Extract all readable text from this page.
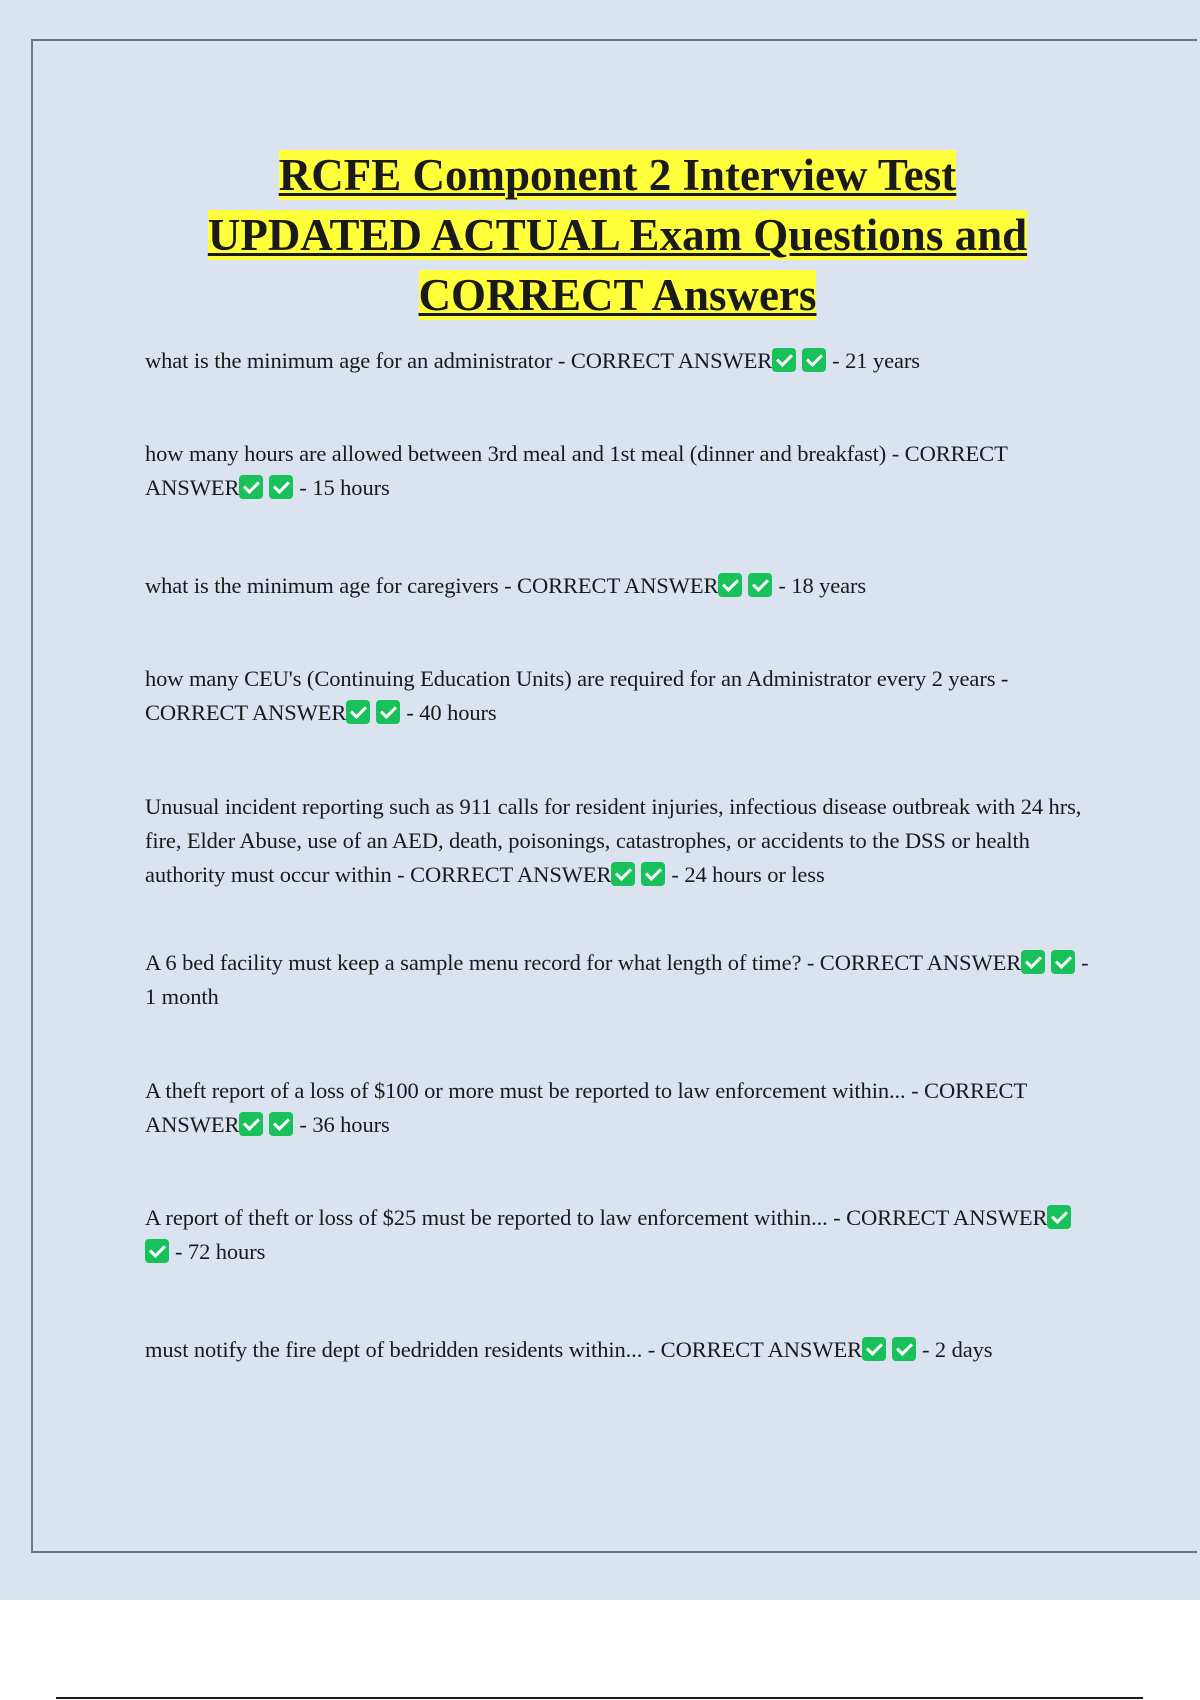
RCFE Component 2 Interview Test
UPDATED ACTUAL Exam Questions and
CORRECT Answers

what is the minimum age for an administrator - CORRECT ANSWER	- 21 years

how many hours are allowed between 3rd meal and 1st meal (dinner and breakfast) - CORRECT ANSWER	- 15 hours

what is the minimum age for caregivers - CORRECT ANSWER	- 18 years

how many CEU's (Continuing Education Units) are required for an Administrator every 2 years - CORRECT ANSWER	- 40 hours

Unusual incident reporting such as 911 calls for resident injuries, infectious disease outbreak with 24 hrs, fire, Elder Abuse, use of an AED, death, poisonings, catastrophes, or accidents to the DSS or health authority must occur within - CORRECT ANSWER	- 24 hours or less

A 6 bed facility must keep a sample menu record for what length of time? - CORRECT ANSWER	- 1 month

A theft report of a loss of $100 or more must be reported to law enforcement within... - CORRECT ANSWER	- 36 hours

A report of theft or loss of $25 must be reported to law enforcement within... - CORRECT ANSWER- 72 hours

must notify the fire dept of bedridden residents within... - CORRECT ANSWER	- 2 days
